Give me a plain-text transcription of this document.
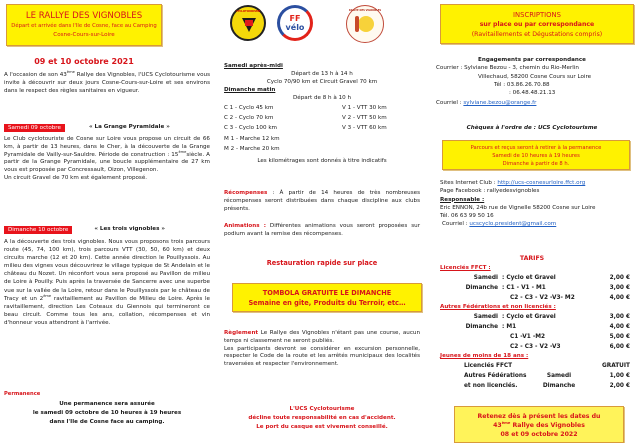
LE RALLYE DES VIGNOBLES
Départ et arrivée dans l'Ile de Cosne, face au Camping
Cosne-Cours-sur-Loire
09 et 10 octobre 2021
A l'occasion de son 43ème Rallye des Vignobles, l'UCS Cyclotourisme vous invite à découvrir sur deux jours Cosne-Cours-sur-Loire et ses environs dans le respect des règles sanitaires en vigueur.
Samedi 09 octobre	« La Grange Pyramidale »
Le Club cyclotouriste de Cosne sur Loire vous propose un circuit de 66 km, à partir de 13 heures, dans le Cher, à la découverte de la Grange Pyramidale de Vailly-sur-Sauldre. Période de construction : 15èmesiècle. A partir de la Grange Pyramidale, une boucle supplémentaire de 27 km vous est proposée par Concressault, Oizon, Villegenon.
Un circuit Gravel de 70 km est également proposé.
Dimanche 10 octobre	« Les trois vignobles »
A la découverte des trois vignobles. Nous vous proposons trois parcours route (45, 74, 100 km), trois parcours VTT (30, 50, 60 km) et deux circuits marche (12 et 20 km). Cette année direction le Pouillyssois. Au milieu des vignes vous découvrirez le village typique de St Andelain et le château du Nozet. Un réconfort vous sera proposé au Pavillon de milieu de Loire à Pouilly. Puis après la traversée de Sancerre avec une superbe vue sur la vallée de la Loire, retour dans le Pouillyssois par le château de Tracy et un 2ème ravitaillement au Pavillon de Milieu de Loire. Après le ravitaillement, direction Les Coteaux du Giennois qui termineront ce beau circuit. Comme tous les ans, collation, récompenses et vin d'honneur vous attendront à l'arrivée.
Permanence
Une permanence sera assurée
le samedi 09 octobre de 10 heures à 19 heures
dans l'Ile de Cosne face au camping.
CYCLOTOURISME
FF
vélo
RALLYE DES VIGNOBLES
Samedi après-midi
Départ de 13 h à 14 h
Cyclo 70/90 km et Circuit Gravel 70 km
Dimanche matin
Départ de 8 h à 10 h
C 1 - Cyclo 45 km	V 1 - VTT 30 km
C 2 - Cyclo 70 km	V 2 - VTT 50 km
C 3 - Cyclo 100 km	V 3 - VTT 60 km
M 1 - Marche 12 km
M 2 - Marche 20 km
Les kilométrages sont donnés à titre indicatifs
Récompenses : À partir de 14 heures de très nombreuses récompenses seront distribuées dans chaque discipline aux clubs présents.
Animations : Différentes animations vous seront proposées sur podium avant la remise des récompenses.
Restauration rapide sur place
TOMBOLA GRATUITE LE DIMANCHE
Semaine en gîte, Produits du Terroir, etc…
Règlement Le Rallye des Vignobles n'étant pas une course, aucun temps ni classement ne seront publiés.
Les participants devront se considérer en excursion personnelle, respecter le Code de la route et les arrêtés municipaux des localités traversées et respecter l'environnement.
L'UCS Cyclotourisme
décline toute responsabilité en cas d'accident.
Le port du casque est vivement conseillé.
INSCRIPTIONS
sur place ou par correspondance
(Ravitaillements et Dégustations compris)
Engagements par correspondance
Courrier : Sylviane Bezou - 3, chemin du Rio-Merlin
Villechaud, 58200 Cosne Cours sur Loire
Tél : 03.86.26.70.88
: 06.48.48.21.13
Courriel : sylviane.bezou@orange.fr
Chèques à l'ordre de : UCS Cyclotourisme
Parcours et reçus seront à retirer à la permanence
Samedi de 10 heures à 19 heures
Dimanche à partir de 8 h.
Sites Internet Club : http://ucs-cosnesurloire.ffct.org
Page Facebook : rallyedesvignobles
Responsable :
Eric ENNON, 24b rue de Vignelle 58200 Cosne sur Loire
Tél. 06 63 99 50 16
Courriel : ucscyclo.president@gmail.com
TARIFS
Licenciés FFCT :
Samedi : Cyclo et Gravel	2,00 €
Dimanche : C1 - V1 - M1	3,00 €
C2 - C3 - V2 -V3- M2	4,00 €
Autres Fédérations et non licenciés :
Samedi : Cyclo et Gravel	3,00 €
Dimanche : M1	4,00 €
C1 -V1 -M2	5,00 €
C2 - C3 - V2 -V3	6,00 €
Jeunes de moins de 18 ans :
Licenciés FFCT	GRATUIT
Autres Fédérations	Samedi	1,00 €
et non licenciés.	Dimanche	2,00 €
Retenez dès à présent les dates du
43ème Rallye des Vignobles
08 et 09 octobre 2022
